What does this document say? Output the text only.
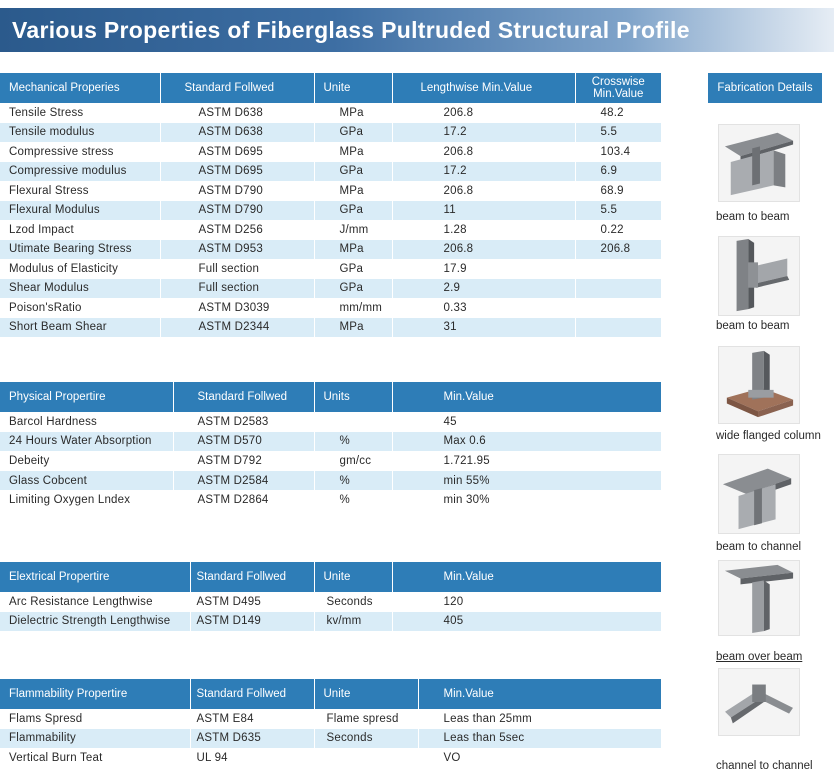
Various Properties of Fiberglass Pultruded Structural Profile
Mechanical Properies	Standard Follwed	Unite	Lengthwise Min.Value	Crosswise
Min.Value

Tensile Stress	ASTM D638	MPa	206.8	48.2
Tensile modulus	ASTM D638	GPa	17.2	5.5
Compressive stress	ASTM D695	MPa	206.8	103.4
Compressive modulus	ASTM D695	GPa	17.2	6.9
Flexural Stress	ASTM D790	MPa	206.8	68.9
Flexural Modulus	ASTM D790	GPa	11	5.5
Lzod Impact	ASTM D256	J/mm	1.28	0.22
Utimate Bearing Stress	ASTM D953	MPa	206.8	206.8
Modulus of Elasticity	Full section	GPa	17.9	
Shear Modulus	Full section	GPa	2.9	
Poison'sRatio	ASTM D3039	mm/mm	0.33	
Short Beam Shear	ASTM D2344	MPa	31	
Physical Propertire	Standard Follwed	Units	Min.Value
Barcol Hardness	ASTM D2583		45
24 Hours Water Absorption	ASTM D570	%	Max 0.6
Debeity	ASTM D792	gm/cc	1.721.95
Glass Cobcent	ASTM D2584	%	min 55%
Limiting Oxygen Lndex	ASTM D2864	%	min 30%
Elextrical Propertire	Standard Follwed	Unite	Min.Value
Arc Resistance Lengthwise	ASTM D495	Seconds	120
Dielectric Strength Lengthwise	ASTM D149	kv/mm	405
Flammability Propertire	Standard Follwed	Unite	Min.Value
Flams Spresd	ASTM E84	Flame spresd	Leas than 25mm
Flammability	ASTM D635	Seconds	Leas than 5sec
Vertical Burn Teat	UL 94		VO
Fabrication Details
beam to beam
beam to beam
wide flanged column
beam to channel
beam over beam
channel to channel
